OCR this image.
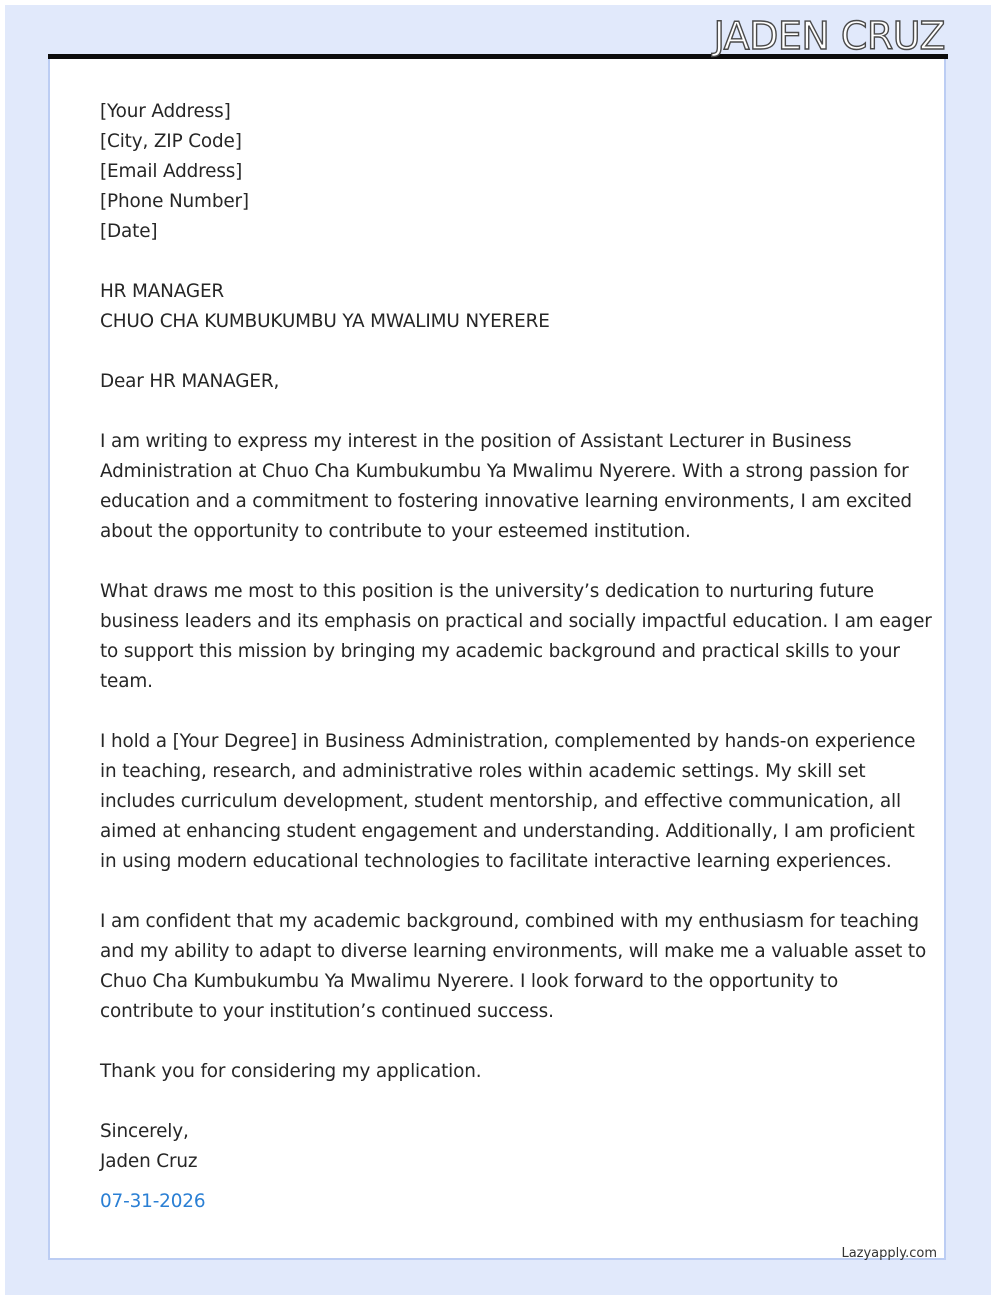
JADEN CRUZ
[Your Address]
[City, ZIP Code]
[Email Address]
[Phone Number]
[Date]
HR MANAGER
CHUO CHA KUMBUKUMBU YA MWALIMU NYERERE
Dear HR MANAGER,

I am writing to express my interest in the position of Assistant Lecturer in Business
Administration at Chuo Cha Kumbukumbu Ya Mwalimu Nyerere. With a strong passion for
education and a commitment to fostering innovative learning environments, I am excited
about the opportunity to contribute to your esteemed institution.

What draws me most to this position is the university’s dedication to nurturing future
business leaders and its emphasis on practical and socially impactful education. I am eager
to support this mission by bringing my academic background and practical skills to your
team.

I hold a [Your Degree] in Business Administration, complemented by hands-on experience
in teaching, research, and administrative roles within academic settings. My skill set
includes curriculum development, student mentorship, and effective communication, all
aimed at enhancing student engagement and understanding. Additionally, I am proficient
in using modern educational technologies to facilitate interactive learning experiences.

I am confident that my academic background, combined with my enthusiasm for teaching
and my ability to adapt to diverse learning environments, will make me a valuable asset to
Chuo Cha Kumbukumbu Ya Mwalimu Nyerere. I look forward to the opportunity to
contribute to your institution’s continued success.

Thank you for considering my application.

Sincerely,
Jaden Cruz
07-31-2026
Lazyapply.com
